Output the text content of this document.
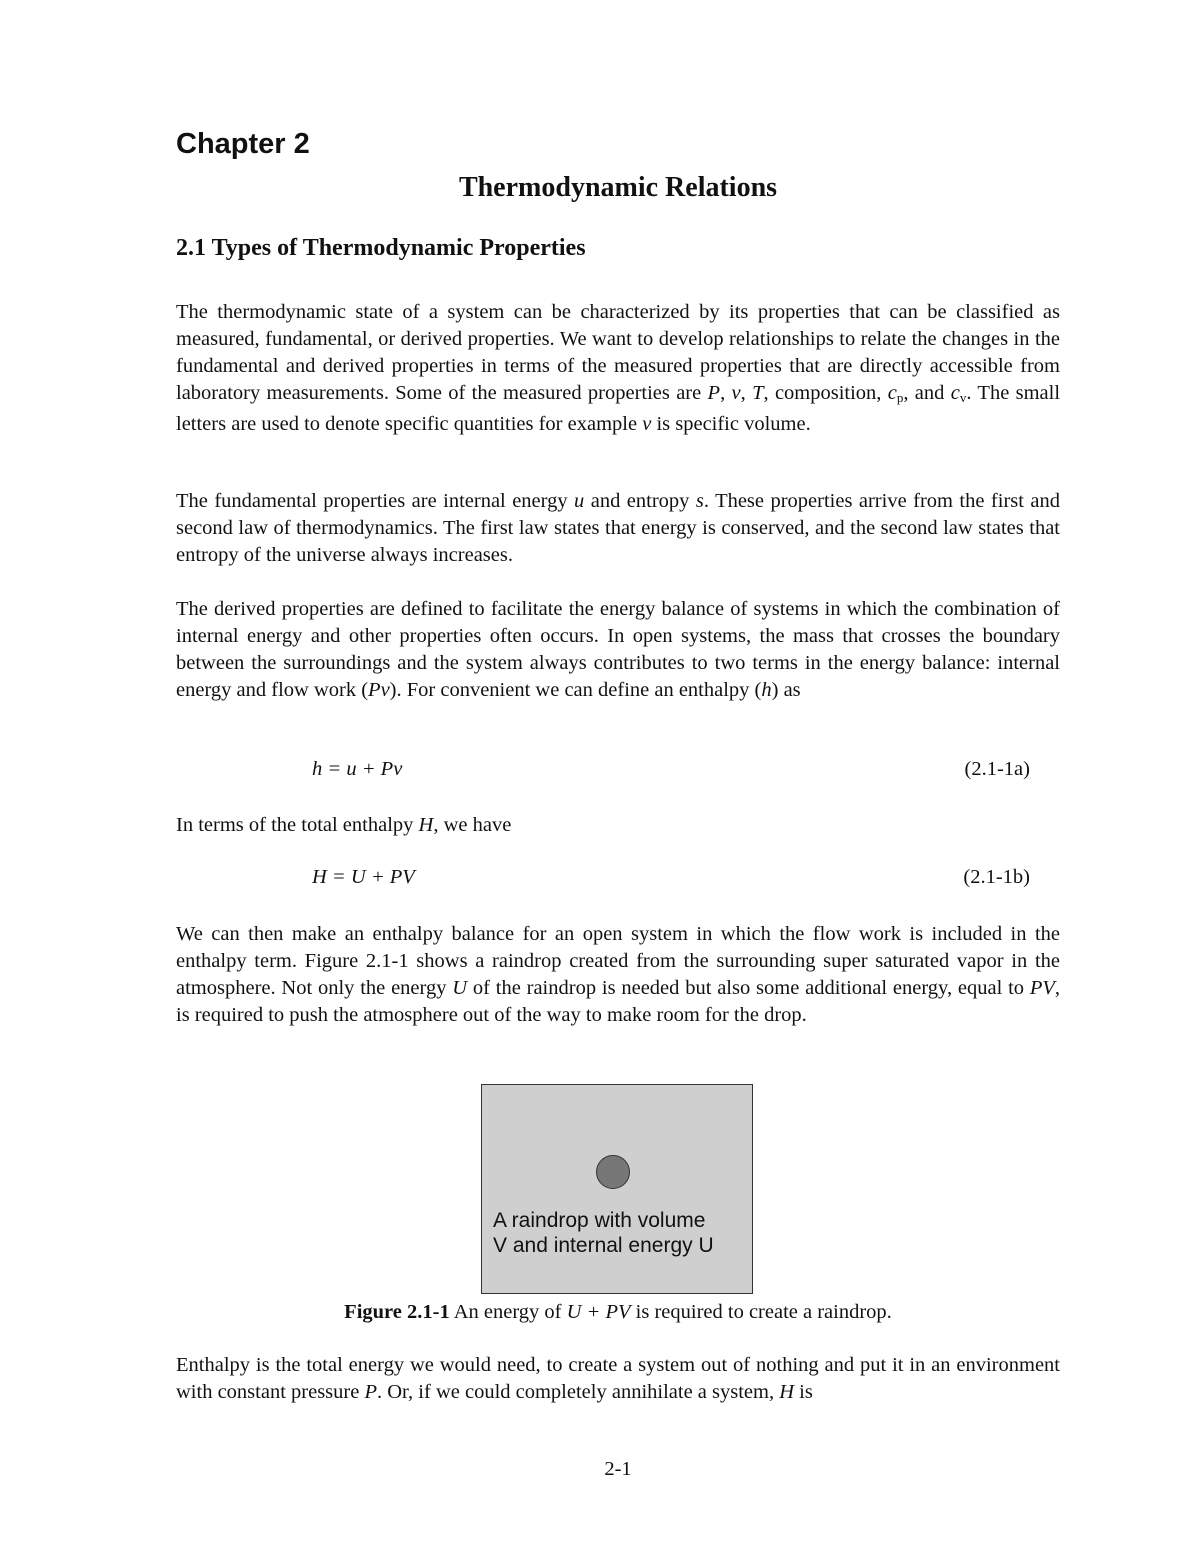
Chapter 2
Thermodynamic Relations
2.1 Types of Thermodynamic Properties

The thermodynamic state of a system can be characterized by its properties that can be classified as measured, fundamental, or derived properties. We want to develop relationships to relate the changes in the fundamental and derived properties in terms of the measured properties that are directly accessible from laboratory measurements. Some of the measured properties are P, v, T, composition, $c_p$, and $c_v$. The small letters are used to denote specific quantities for example v is specific volume.

The fundamental properties are internal energy u and entropy s. These properties arrive from the first and second law of thermodynamics. The first law states that energy is conserved, and the second law states that entropy of the universe always increases.

The derived properties are defined to facilitate the energy balance of systems in which the combination of internal energy and other properties often occurs. In open systems, the mass that crosses the boundary between the surroundings and the system always contributes to two terms in the energy balance: internal energy and flow work (Pv). For convenient we can define an enthalpy (h) as

h = u + Pv	(2.1-1a)

In terms of the total enthalpy H, we have

H = U + PV	(2.1-1b)

We can then make an enthalpy balance for an open system in which the flow work is included in the enthalpy term. Figure 2.1-1 shows a raindrop created from the surrounding super saturated vapor in the atmosphere. Not only the energy U of the raindrop is needed but also some additional energy, equal to PV, is required to push the atmosphere out of the way to make room for the drop.

A raindrop with volume
V and internal energy U

Figure 2.1-1 An energy of U + PV is required to create a raindrop.

Enthalpy is the total energy we would need, to create a system out of nothing and put it in an environment with constant pressure P. Or, if we could completely annihilate a system, H is

2-1
